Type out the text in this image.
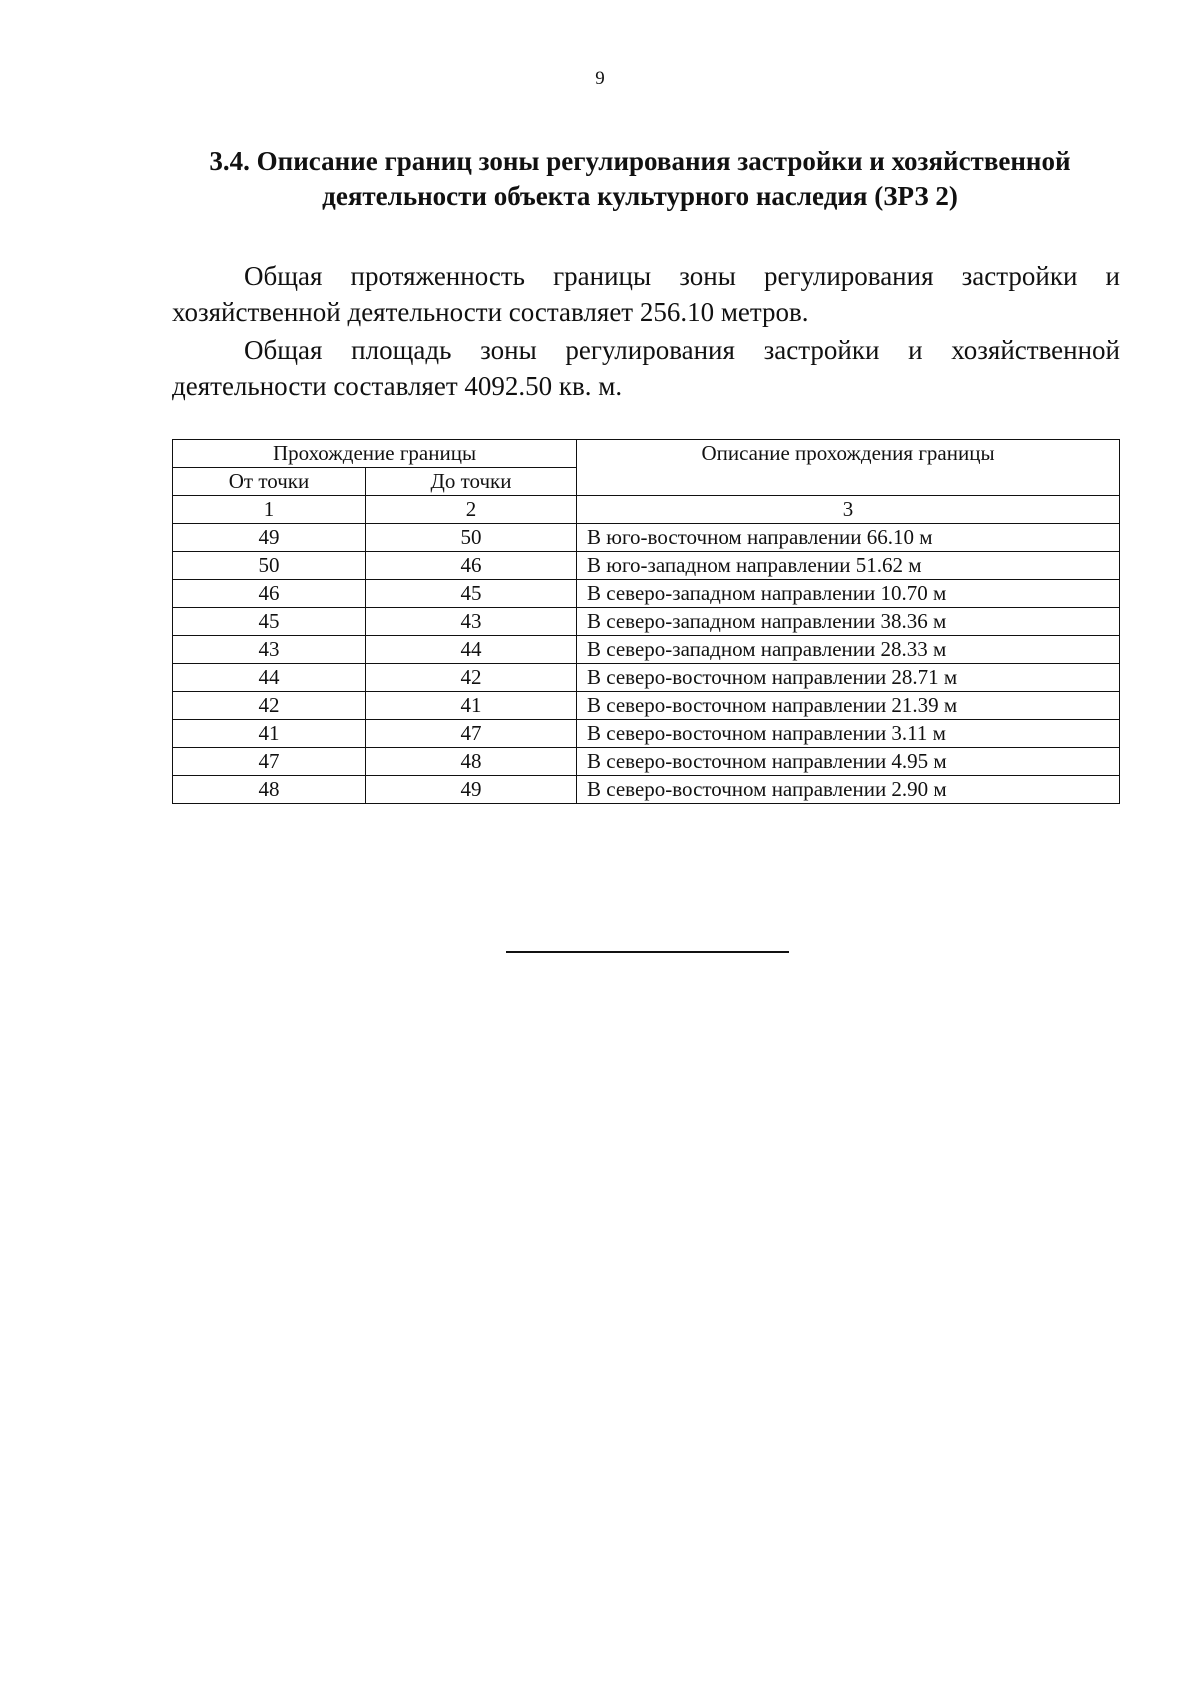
9
3.4. Описание границ зоны регулирования застройки и хозяйственной
деятельности объекта культурного наследия (ЗРЗ 2)

Общая протяженность границы зоны регулирования застройки и
хозяйственной деятельности составляет 256.10 метров.

Общая площадь зоны регулирования застройки и хозяйственной
деятельности составляет 4092.50 кв. м.

Прохождение границы		Описание прохождения границы
От точки	До точки	
1	2	3
49	50	В юго-восточном направлении 66.10 м
50	46	В юго-западном направлении 51.62 м
46	45	В северо-западном направлении 10.70 м
45	43	В северо-западном направлении 38.36 м
43	44	В северо-западном направлении 28.33 м
44	42	В северо-восточном направлении 28.71 м
42	41	В северо-восточном направлении 21.39 м
41	47	В северо-восточном направлении 3.11 м
47	48	В северо-восточном направлении 4.95 м
48	49	В северо-восточном направлении 2.90 м
